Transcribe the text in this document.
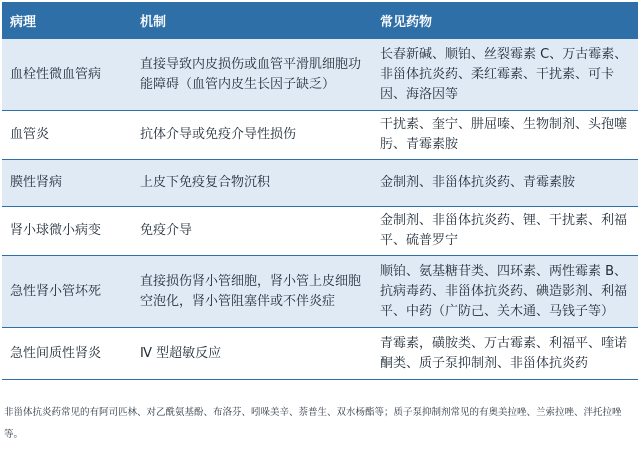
病理	机制	常见药物
血栓性微血管病	直接导致内皮损伤或血管平滑肌细胞功能障碍（血管内皮生长因子缺乏）	长春新碱、顺铂、丝裂霉素 C、万古霉素、非甾体抗炎药、柔红霉素、干扰素、可卡因、海洛因等
血管炎	抗体介导或免疫介导性损伤	干扰素、奎宁、肼屈嗪、生物制剂、头孢噻肟、青霉素胺
膜性肾病	上皮下免疫复合物沉积	金制剂、非甾体抗炎药、青霉素胺
肾小球微小病变	免疫介导	金制剂、非甾体抗炎药、锂、干扰素、利福平、硫普罗宁
急性肾小管坏死	直接损伤肾小管细胞，肾小管上皮细胞空泡化，肾小管阻塞伴或不伴炎症	顺铂、氨基糖苷类、四环素、两性霉素 B、抗病毒药、非甾体抗炎药、碘造影剂、利福平、中药（广防己、关木通、马钱子等）
急性间质性肾炎	Ⅳ 型超敏反应	青霉素，磺胺类、万古霉素、利福平、喹诺酮类、质子泵抑制剂、非甾体抗炎药
非甾体抗炎药常见的有阿司匹林、对乙酰氨基酚、布洛芬、吲哚美辛、萘普生、双水杨酯等；质子泵抑制剂常见的有奥美拉唑、兰索拉唑、泮托拉唑等。
